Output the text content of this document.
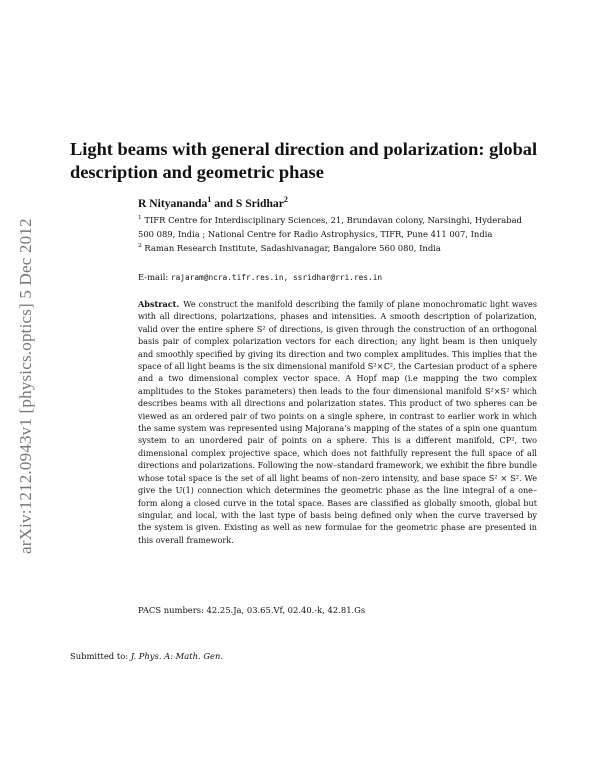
arXiv:1212.0943v1 [physics.optics] 5 Dec 2012
Light beams with general direction and polarization: global description and geometric phase
R Nityananda$^1$ and S Sridhar$^2$
$^1$ TIFR Centre for Interdisciplinary Sciences, 21, Brundavan colony, Narsinghi, Hyderabad 500 089, India ; National Centre for Radio Astrophysics, TIFR, Pune 411 007, India
$^2$ Raman Research Institute, Sadashivanagar, Bangalore 560 080, India
E-mail: rajaram@ncra.tifr.res.in, ssridhar@rri.res.in
Abstract. We construct the manifold describing the family of plane monochromatic light waves with all directions, polarizations, phases and intensities. A smooth description of polarization, valid over the entire sphere S² of directions, is given through the construction of an orthogonal basis pair of complex polarization vectors for each direction; any light beam is then uniquely and smoothly specified by giving its direction and two complex amplitudes. This implies that the space of all light beams is the six dimensional manifold S²×ℂ², the Cartesian product of a sphere and a two dimensional complex vector space. A Hopf map (i.e mapping the two complex amplitudes to the Stokes parameters) then leads to the four dimensional manifold S²×S² which describes beams with all directions and polarization states. This product of two spheres can be viewed as an ordered pair of two points on a single sphere, in contrast to earlier work in which the same system was represented using Majorana’s mapping of the states of a spin one quantum system to an unordered pair of points on a sphere. This is a different manifold, CP², two dimensional complex projective space, which does not faithfully represent the full space of all directions and polarizations. Following the now–standard framework, we exhibit the fibre bundle whose total space is the set of all light beams of non–zero intensity, and base space S² × S². We give the U(1) connection which determines the geometric phase as the line integral of a one–form along a closed curve in the total space. Bases are classified as globally smooth, global but singular, and local, with the last type of basis being defined only when the curve traversed by the system is given. Existing as well as new formulae for the geometric phase are presented in this overall framework.
PACS numbers: 42.25.Ja, 03.65.Vf, 02.40.-k, 42.81.Gs
Submitted to: J. Phys. A: Math. Gen.
